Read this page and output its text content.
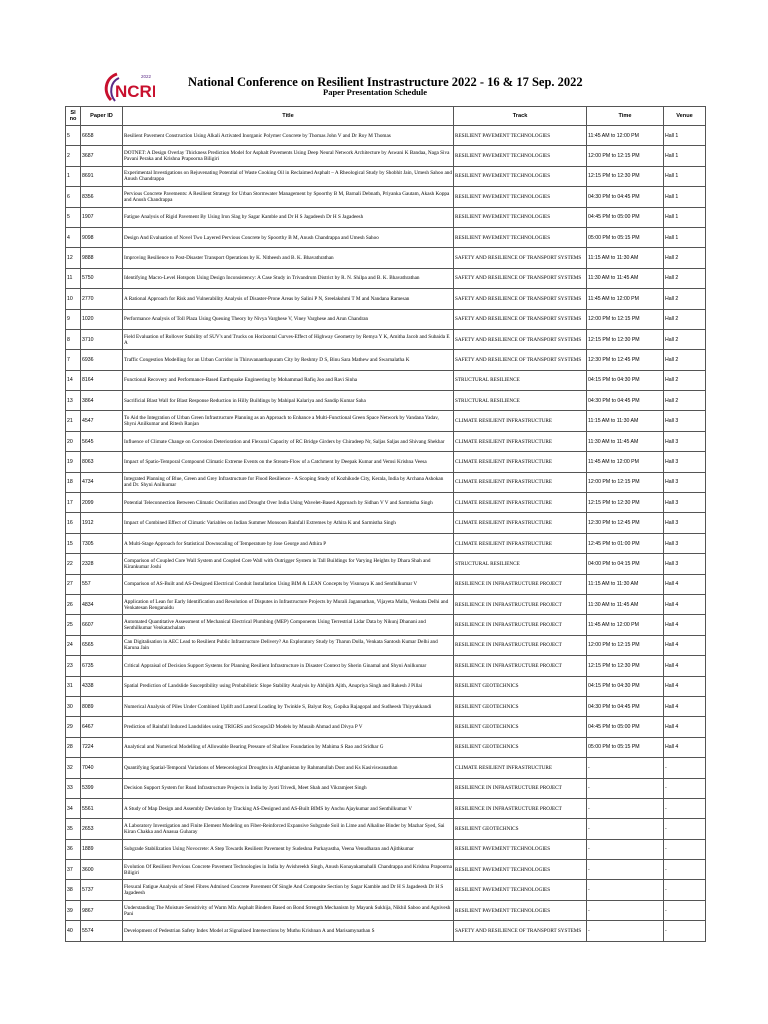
NCRI
2022	National Conference on Resilient Instrastructure 2022 - 16 & 17 Sep. 2022
Paper Presentation Schedule
Sl no	Paper ID	Title	Track	Time	Venue
5	6658	Resilient Pavement Construction Using Alkali Activated Inorganic Polymer Concrete by Thomas John V and Dr Roy M Thomas	RESILIENT PAVEMENT TECHNOLOGIES	11:45 AM to 12:00 PM	Hall 1
2	3687	DOTNET: A Design Overlay Thickness Prediction Model for Asphalt Pavements Using Deep Neural Network Architecture by Aswani K Bandaa, Naga Siva Pavani Peraka and Krishna Prapoorna Biligiri	RESILIENT PAVEMENT TECHNOLOGIES	12:00 PM to 12:15 PM	Hall 1
1	8691	Experimental Investigations on Rejuvenating Potential of Waste Cooking Oil in Reclaimed Asphalt – A Rheological Study by Shobhit Jain, Umesh Sahoo and Anush Chandrappa	RESILIENT PAVEMENT TECHNOLOGIES	12:15 PM to 12:30 PM	Hall 1
6	8356	Pervious Concrete Pavements: A Resilient Strategy for Urban Stormwater Management by Spoorthy B M, Barnali Debnath, Priyanka Gautam, Akash Koppa and Anush Chandrappa	RESILIENT PAVEMENT TECHNOLOGIES	04:30 PM to 04:45 PM	Hall 1
5	1907	Fatigue Analysis of Rigid Pavement By Using Iron Slag by Sagar Kamble and Dr H S Jagadeesh Dr H S Jagadeesh	RESILIENT PAVEMENT TECHNOLOGIES	04:45 PM to 05:00 PM	Hall 1
4	9098	Design And Evaluation of Novel Two Layered Pervious Concrete by Spoorthy B M, Anush Chandrappa and Umesh Sahoo	RESILIENT PAVEMENT TECHNOLOGIES	05:00 PM to 05:15 PM	Hall 1
12	9888	Improving Resilience to Post-Disaster Transport Operations by K. Nitheesh and B. K. Bhavathrathan	SAFETY AND RESILIENCE OF TRANSPORT SYSTEMS	11:15 AM to 11:30 AM	Hall 2
11	5750	Identifying Macro-Level Hotspots Using Design Inconsistency: A Case Study in Trivandrum District by R. N. Shilpa and B. K. Bhavathrathan	SAFETY AND RESILIENCE OF TRANSPORT SYSTEMS	11:30 AM to 11:45 AM	Hall 2
10	2770	A Rational Approach for Risk and Vulnerability Analysis of Disaster-Prone Areas by Salini P N, Sreelakshmi T M and Nandana Ramesan	SAFETY AND RESILIENCE OF TRANSPORT SYSTEMS	11:45 AM to 12:00 PM	Hall 2
9	1020	Performance Analysis of Toll Plaza Using Queuing Theory by Nivya Varghese V, Viney Varghese and Arun Chandran	SAFETY AND RESILIENCE OF TRANSPORT SYSTEMS	12:00 PM to 12:15 PM	Hall 2
8	3710	Field Evaluation of Rollover Stability of SUV's and Trucks on Horizontal Curves-Effect of Highway Geometry by Remya Y K, Amitha Jacob and Subaida E A	SAFETY AND RESILIENCE OF TRANSPORT SYSTEMS	12:15 PM to 12:30 PM	Hall 2
7	6936	Traffic Congestion Modelling for an Urban Corridor in Thiruvananthapuram City by Reshmy D S, Binu Sara Mathew and Swarnalatha K	SAFETY AND RESILIENCE OF TRANSPORT SYSTEMS	12:30 PM to 12:45 PM	Hall 2
14	8164	Functional Recovery and Performance-Based Earthquake Engineering by Mohammad Rafiq Joo and Ravi Sinha	STRUCTURAL RESILIENCE	04:15 PM to 04:30 PM	Hall 2
13	3864	Sacrificial Blast Wall for Blast Response Reduction in Hilly Buildings by Mahipal Kalariya and Sandip Kumar Saha	STRUCTURAL RESILIENCE	04:30 PM to 04:45 PM	Hall 2
21	4547	To Aid the Integration of Urban Green Infrastructure Planning as an Approach to Enhance a Multi-Functional Green Space Network by Vandana Yadav, Shyni Anilkumar and Ritesh Ranjan	CLIMATE RESILIENT INFRASTRUCTURE	11:15 AM to 11:30 AM	Hall 3
20	5645	Influence of Climate Change on Corrosion Deterioration and Flexural Capacity of RC Bridge Girders by Chiradeep Nr, Saljas Saljas and Shivang Shekhar	CLIMATE RESILIENT INFRASTRUCTURE	11:30 AM to 11:45 AM	Hall 3
19	8063	Impact of Spatio-Temporal Compound Climatic Extreme Events on the Stream-Flow of a Catchment by Deepak Kumar and Vemsi Krishna Veesa	CLIMATE RESILIENT INFRASTRUCTURE	11:45 AM to 12:00 PM	Hall 3
18	4734	Integrated Planning of Blue, Green and Grey Infrastructure for Flood Resilience - A Scoping Study of Kozhikode City, Kerala, India by Archana Ashokan and Dr. Shyni Anilkumar	CLIMATE RESILIENT INFRASTRUCTURE	12:00 PM to 12:15 PM	Hall 3
17	2099	Potential Teleconnection Between Climatic Oscillation and Drought Over India Using Wavelet-Based Approach by Sidhan V V and Sarmistha Singh	CLIMATE RESILIENT INFRASTRUCTURE	12:15 PM to 12:30 PM	Hall 3
16	1912	Impact of Combined Effect of Climatic Variables on Indian Summer Monsoon Rainfall Extremes by Athira K and Sarmistha Singh	CLIMATE RESILIENT INFRASTRUCTURE	12:30 PM to 12:45 PM	Hall 3
15	7305	A Multi-Stage Approach for Statistical Downscaling of Temperature by Jose George and Athira P	CLIMATE RESILIENT INFRASTRUCTURE	12:45 PM to 01:00 PM	Hall 3
22	2328	Comparison of Coupled Core Wall System and Coupled Core Wall with Outrigger System in Tall Buildings for Varying Heights by Dhara Shah and Kirankumar Joshi	STRUCTURAL RESILIENCE	04:00 PM to 04:15 PM	Hall 3
27	557	Comparison of AS-Built and AS-Designed Electrical Conduit Installation Using BIM & LEAN Concepts by Visnnaya K and Senthilkumar V	RESILIENCE IN INFRASTRUCTURE PROJECT	11:15 AM to 11:30 AM	Hall 4
26	4834	Application of Lean for Early Identification and Resolution of Disputes in Infrastructure Projects by Murali Jagannathan, Vijayeta Malla, Venkata Delhi and Venkatesan Renganaidu	RESILIENCE IN INFRASTRUCTURE PROJECT	11:30 AM to 11:45 AM	Hall 4
25	6607	Automated Quantitative Assessment of Mechanical Electrical Plumbing (MEP) Components Using Terrestrial Lidar Data by Nikunj Dhanani and Senthilkumar Venkatachalam	RESILIENCE IN INFRASTRUCTURE PROJECT	11:45 AM to 12:00 PM	Hall 4
24	6565	Can Digitalisation in AEC Lead to Resilient Public Infrastructure Delivery? An Exploratory Study by Tharun Dolla, Venkata Santosh Kumar Delhi and Karuna Jain	RESILIENCE IN INFRASTRUCTURE PROJECT	12:00 PM to 12:15 PM	Hall 4
23	6735	Critical Appraisal of Decision Support Systems for Planning Resilient Infrastructure in Disaster Context by Sherin Ginamal and Shyni Anilkumar	RESILIENCE IN INFRASTRUCTURE PROJECT	12:15 PM to 12:30 PM	Hall 4
31	4338	Spatial Prediction of Landslide Susceptibility using Probabilistic Slope Stability Analysis by Abhijith Ajith, Anupriya Singh and Rakesh J Pillai	RESILIENT GEOTECHNICS	04:15 PM to 04:30 PM	Hall 4
30	8089	Numerical Analysis of Piles Under Combined Uplift and Lateral Loading by Twinkle S, Balyut Roy, Gopika Rajagopal and Sudheesh Thiyyakkandi	RESILIENT GEOTECHNICS	04:30 PM to 04:45 PM	Hall 4
29	6467	Prediction of Rainfall Induced Landslides using TRIGRS and Scoops3D Models by Musaib Ahmad and Divya P V	RESILIENT GEOTECHNICS	04:45 PM to 05:00 PM	Hall 4
28	7224	Analytical and Numerical Modelling of Allowable Bearing Pressure of Shallow Foundation by Mahima S Rao and Sridhar G	RESILIENT GEOTECHNICS	05:00 PM to 05:15 PM	Hall 4
32	7040	Quantifying Spatial-Temporal Variations of Meteorological Droughts in Afghanistan by Rahmatullah Dost and Ks Kasiviswanathan	CLIMATE RESILIENT INFRASTRUCTURE	-	-
33	5399	Decision Support System for Road Infrastructure Projects in India by Jyoti Trivedi, Meet Shah and Vikramjeet Singh	RESILIENCE IN INFRASTRUCTURE PROJECT	-	-
34	5561	A Study of Map Design and Assembly Deviation by Tracking AS-Designed and AS-Built BIMS by Anchu Ajaykumar and Senthilkumar V	RESILIENCE IN INFRASTRUCTURE PROJECT	-	-
35	2653	A Laboratory Investigation and Finite Element Modeling on Fiber-Reinforced Expansive Subgrade Soil in Lime and Alkaline Binder by Mazhar Syed, Sai Kiran Chakka and Anasua Guharay	RESILIENT GEOTECHNICS	-	-
36	1889	Subgrade Stabilization Using Novocrete: A Step Towards Resilient Pavement by Sudeshna Purkayastha, Veena Venudharan and Ajithkumar	RESILIENT PAVEMENT TECHNOLOGIES	-	-
37	3600	Evolution Of Resilient Pervious Concrete Pavement Technologies in India by Avishreekh Singh, Anush Konayakamahalli Chandrappa and Krishna Prapoorna Biligiri	RESILIENT PAVEMENT TECHNOLOGIES	-	-
38	5737	Flexural Fatigue Analysis of Steel Fibres Admixed Concrete Pavement Of Single And Composite Section by Sagar Kamble and Dr H S Jagadeesh Dr H S Jagadeesh	RESILIENT PAVEMENT TECHNOLOGIES	-	-
39	9867	Understanding The Moisture Sensitivity of Warm Mix Asphalt Binders Based on Bond Strength Mechanism by Mayank Sukhija, Nikhil Saboo and Agnivesh Pani	RESILIENT PAVEMENT TECHNOLOGIES	-	-
40	5574	Development of Pedestrian Safety Index Model at Signalized Intersections by Muthu Krishnan A and Marisamynathan S	SAFETY AND RESILIENCE OF TRANSPORT SYSTEMS	-	-
